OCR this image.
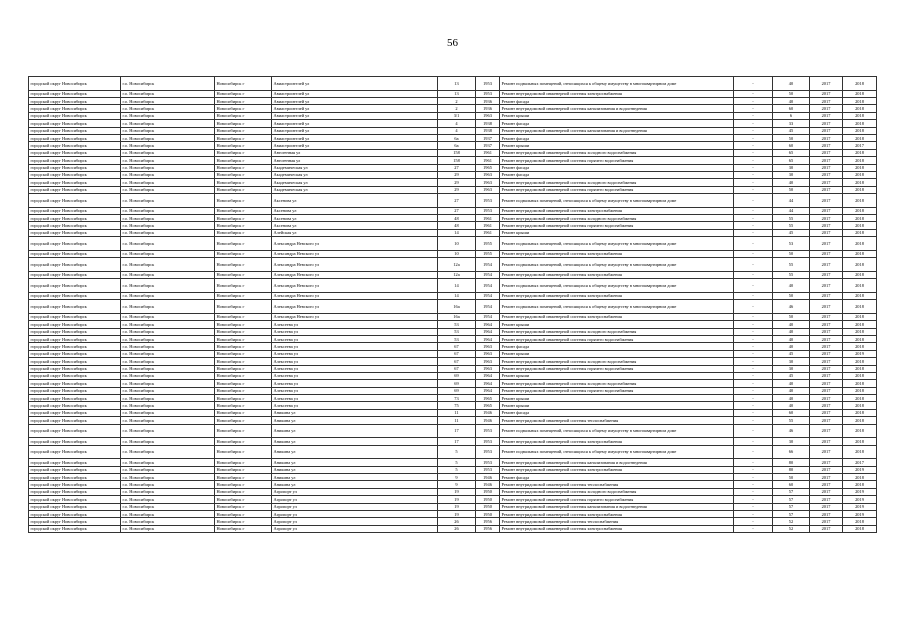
56
городской округ Новосибирск	г.о. Новосибирск	Новосибирск г	Авиастроителей ул	13	1953	Ремонт подвальных помещений, относящихся к общему имуществу в многоквартирном доме	-	40	2017	2018
городской округ Новосибирск	г.о. Новосибирск	Новосибирск г	Авиастроителей ул	13	1953	Ремонт внутридомовой инженерной системы электроснабжения	-	50	2017	2018
городской округ Новосибирск	г.о. Новосибирск	Новосибирск г	Авиастроителей ул	2	1936	Ремонт фасада	-	40	2017	2018
городской округ Новосибирск	г.о. Новосибирск	Новосибирск г	Авиастроителей ул	2	1936	Ремонт внутридомовой инженерной системы канализования и водоотведения	-	60	2017	2018
городской округ Новосибирск	г.о. Новосибирск	Новосибирск г	Авиастроителей ул	3/1	1963	Ремонт крыши	-	6	2017	2018
городской округ Новосибирск	г.о. Новосибирск	Новосибирск г	Авиастроителей ул	4	1938	Ремонт фасада	-	33	2017	2018
городской округ Новосибирск	г.о. Новосибирск	Новосибирск г	Авиастроителей ул	4	1938	Ремонт внутридомовой инженерной системы канализования и водоотведения	-	45	2017	2018
городской округ Новосибирск	г.о. Новосибирск	Новосибирск г	Авиастроителей ул	6а	1937	Ремонт фасада	-	50	2017	2018
городской округ Новосибирск	г.о. Новосибирск	Новосибирск г	Авиастроителей ул	6а	1937	Ремонт крыши	-	60	2017	2017
городской округ Новосибирск	г.о. Новосибирск	Новосибирск г	Автогенная ул	158	1961	Ремонт внутридомовой инженерной системы холодного водоснабжения	-	65	2017	2018
городской округ Новосибирск	г.о. Новосибирск	Новосибирск г	Автогенная ул	158	1961	Ремонт внутридомовой инженерной системы горячего водоснабжения	-	65	2017	2018
городской округ Новосибирск	г.о. Новосибирск	Новосибирск г	Академическая ул	27	1965	Ремонт фасада	-	30	2017	2018
городской округ Новосибирск	г.о. Новосибирск	Новосибирск г	Академическая ул	29	1963	Ремонт фасада	-	30	2017	2018
городской округ Новосибирск	г.о. Новосибирск	Новосибирск г	Академическая ул	29	1963	Ремонт внутридомовой инженерной системы холодного водоснабжения	-	40	2017	2018
городской округ Новосибирск	г.о. Новосибирск	Новосибирск г	Академическая ул	29	1963	Ремонт внутридомовой инженерной системы горячего водоснабжения	-	50	2017	2018
городской округ Новосибирск	г.о. Новосибирск	Новосибирск г	Аксенова ул	27	1953	Ремонт подвальных помещений, относящихся к общему имуществу в многоквартирном доме	-	44	2017	2018
городской округ Новосибирск	г.о. Новосибирск	Новосибирск г	Аксенова ул	27	1953	Ремонт внутридомовой инженерной системы электроснабжения	-	44	2017	2018
городской округ Новосибирск	г.о. Новосибирск	Новосибирск г	Аксенова ул	48	1961	Ремонт внутридомовой инженерной системы холодного водоснабжения	-	55	2017	2018
городской округ Новосибирск	г.о. Новосибирск	Новосибирск г	Аксенова ул	48	1961	Ремонт внутридомовой инженерной системы горячего водоснабжения	-	55	2017	2018
городской округ Новосибирск	г.о. Новосибирск	Новосибирск г	Алейская ул	14	1961	Ремонт крыши	-	45	2017	2018
городской округ Новосибирск	г.о. Новосибирск	Новосибирск г	Александра Невского ул	10	1955	Ремонт подвальных помещений, относящихся к общему имуществу в многоквартирном доме	-	53	2017	2018
городской округ Новосибирск	г.о. Новосибирск	Новосибирск г	Александра Невского ул	10	1955	Ремонт внутридомовой инженерной системы электроснабжения	-	50	2017	2018
городской округ Новосибирск	г.о. Новосибирск	Новосибирск г	Александра Невского ул	12а	1954	Ремонт подвальных помещений, относящихся к общему имуществу в многоквартирном доме	-	55	2017	2018
городской округ Новосибирск	г.о. Новосибирск	Новосибирск г	Александра Невского ул	12а	1954	Ремонт внутридомовой инженерной системы электроснабжения	-	55	2017	2018
городской округ Новосибирск	г.о. Новосибирск	Новосибирск г	Александра Невского ул	14	1954	Ремонт подвальных помещений, относящихся к общему имуществу в многоквартирном доме	-	40	2017	2018
городской округ Новосибирск	г.о. Новосибирск	Новосибирск г	Александра Невского ул	14	1954	Ремонт внутридомовой инженерной системы электроснабжения	-	50	2017	2018
городской округ Новосибирск	г.о. Новосибирск	Новосибирск г	Александра Невского ул	16а	1954	Ремонт подвальных помещений, относящихся к общему имуществу в многоквартирном доме	-	46	2017	2018
городской округ Новосибирск	г.о. Новосибирск	Новосибирск г	Александра Невского ул	16а	1954	Ремонт внутридомовой инженерной системы электроснабжения	-	50	2017	2018
городской округ Новосибирск	г.о. Новосибирск	Новосибирск г	Алексеева ул	53	1964	Ремонт крыши	-	40	2017	2018
городской округ Новосибирск	г.о. Новосибирск	Новосибирск г	Алексеева ул	53	1964	Ремонт внутридомовой инженерной системы холодного водоснабжения	-	40	2017	2018
городской округ Новосибирск	г.о. Новосибирск	Новосибирск г	Алексеева ул	53	1964	Ремонт внутридомовой инженерной системы горячего водоснабжения	-	40	2017	2018
городской округ Новосибирск	г.о. Новосибирск	Новосибирск г	Алексеева ул	67	1963	Ремонт фасада	-	40	2017	2018
городской округ Новосибирск	г.о. Новосибирск	Новосибирск г	Алексеева ул	67	1963	Ремонт крыши	-	45	2017	2019
городской округ Новосибирск	г.о. Новосибирск	Новосибирск г	Алексеева ул	67	1963	Ремонт внутридомовой инженерной системы холодного водоснабжения	-	30	2017	2018
городской округ Новосибирск	г.о. Новосибирск	Новосибирск г	Алексеева ул	67	1963	Ремонт внутридомовой инженерной системы горячего водоснабжения	-	30	2017	2018
городской округ Новосибирск	г.о. Новосибирск	Новосибирск г	Алексеева ул	69	1964	Ремонт крыши	-	45	2017	2018
городской округ Новосибирск	г.о. Новосибирск	Новосибирск г	Алексеева ул	69	1964	Ремонт внутридомовой инженерной системы холодного водоснабжения	-	40	2017	2018
городской округ Новосибирск	г.о. Новосибирск	Новосибирск г	Алексеева ул	69	1964	Ремонт внутридомовой инженерной системы горячего водоснабжения	-	40	2017	2018
городской округ Новосибирск	г.о. Новосибирск	Новосибирск г	Алексеева ул	73	1965	Ремонт крыши	-	40	2017	2018
городской округ Новосибирск	г.о. Новосибирск	Новосибирск г	Алексеева ул	75	1965	Ремонт крыши	-	40	2017	2018
городской округ Новосибирск	г.о. Новосибирск	Новосибирск г	Аникина ул	11	1946	Ремонт фасада	-	60	2017	2018
городской округ Новосибирск	г.о. Новосибирск	Новосибирск г	Аникина ул	11	1946	Ремонт внутридомовой инженерной системы теплоснабжения	-	55	2017	2018
городской округ Новосибирск	г.о. Новосибирск	Новосибирск г	Аникина ул	17	1953	Ремонт подвальных помещений, относящихся к общему имуществу в многоквартирном доме	-	46	2017	2018
городской округ Новосибирск	г.о. Новосибирск	Новосибирск г	Аникина ул	17	1953	Ремонт внутридомовой инженерной системы электроснабжения	-	30	2017	2018
городской округ Новосибирск	г.о. Новосибирск	Новосибирск г	Аникина ул	5	1953	Ремонт подвальных помещений, относящихся к общему имуществу в многоквартирном доме	-	66	2017	2018
городской округ Новосибирск	г.о. Новосибирск	Новосибирск г	Аникина ул	5	1953	Ремонт внутридомовой инженерной системы канализования и водоотведения	-	80	2017	2017
городской округ Новосибирск	г.о. Новосибирск	Новосибирск г	Аникина ул	5	1953	Ремонт внутридомовой инженерной системы электроснабжения	-	80	2017	2019
городской округ Новосибирск	г.о. Новосибирск	Новосибирск г	Аникина ул	9	1946	Ремонт фасада	-	50	2017	2018
городской округ Новосибирск	г.о. Новосибирск	Новосибирск г	Аникина ул	9	1946	Ремонт внутридомовой инженерной системы теплоснабжения	-	60	2017	2018
городской округ Новосибирск	г.о. Новосибирск	Новосибирск г	Аэропорт ул	19	1950	Ремонт внутридомовой инженерной системы холодного водоснабжения	-	57	2017	2019
городской округ Новосибирск	г.о. Новосибирск	Новосибирск г	Аэропорт ул	19	1950	Ремонт внутридомовой инженерной системы горячего водоснабжения	-	57	2017	2019
городской округ Новосибирск	г.о. Новосибирск	Новосибирск г	Аэропорт ул	19	1950	Ремонт внутридомовой инженерной системы канализования и водоотведения	-	57	2017	2019
городской округ Новосибирск	г.о. Новосибирск	Новосибирск г	Аэропорт ул	19	1950	Ремонт внутридомовой инженерной системы электроснабжения	-	57	2017	2019
городской округ Новосибирск	г.о. Новосибирск	Новосибирск г	Аэропорт ул	26	1956	Ремонт внутридомовой инженерной системы теплоснабжения	-	52	2017	2018
городской округ Новосибирск	г.о. Новосибирск	Новосибирск г	Аэропорт ул	26	1956	Ремонт внутридомовой инженерной системы электроснабжения	-	52	2017	2018
